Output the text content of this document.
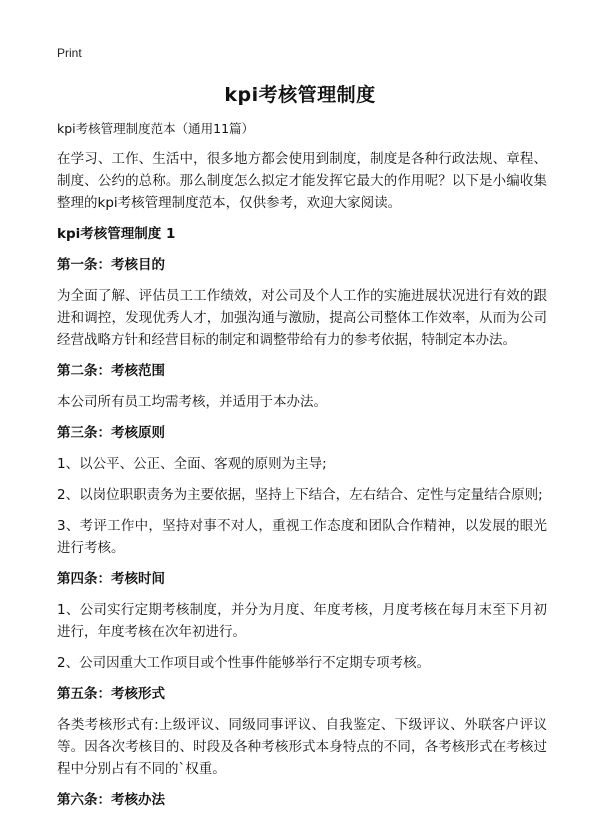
Print
kpi考核管理制度
kpi考核管理制度范本（通用11篇）
在学习、工作、生活中，很多地方都会使用到制度，制度是各种行政法规、章程、制度、公约的总称。那么制度怎么拟定才能发挥它最大的作用呢？以下是小编收集整理的kpi考核管理制度范本，仅供参考，欢迎大家阅读。
kpi考核管理制度 1
第一条：考核目的
为全面了解、评估员工工作绩效，对公司及个人工作的实施进展状况进行有效的跟进和调控，发现优秀人才，加强沟通与激励，提高公司整体工作效率，从而为公司经营战略方针和经营目标的制定和调整带给有力的参考依据，特制定本办法。
第二条：考核范围
本公司所有员工均需考核，并适用于本办法。
第三条：考核原则
1、以公平、公正、全面、客观的原则为主导;
2、以岗位职职责务为主要依据，坚持上下结合，左右结合、定性与定量结合原则;
3、考评工作中，坚持对事不对人，重视工作态度和团队合作精神，以发展的眼光进行考核。
第四条：考核时间
1、公司实行定期考核制度，并分为月度、年度考核，月度考核在每月末至下月初进行，年度考核在次年初进行。
2、公司因重大工作项目或个性事件能够举行不定期专项考核。
第五条：考核形式
各类考核形式有:上级评议、同级同事评议、自我鉴定、下级评议、外联客户评议等。因各次考核目的、时段及各种考核形式本身特点的不同，各考核形式在考核过程中分别占有不同的`权重。
第六条：考核办法
